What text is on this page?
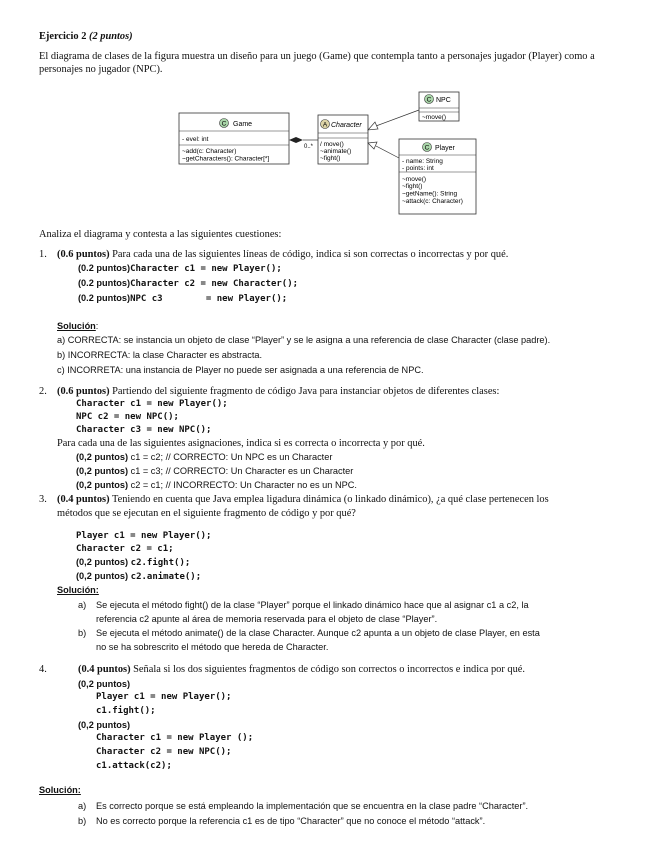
Ejercicio 2 (2 puntos)
El diagrama de clases de la figura muestra un diseño para un juego (Game) que contempla tanto a personajes jugador (Player) como a personajes no jugador (NPC).
C Game
- evel: int
~add(c: Character)
~getCharacters(): Character[*]
0..*
A Character
/ move()
~animate()
~fight()
C NPC
~move()
C Player
- name: String
- points: int
~move()
~fight()
~getName(): String
~attack(c: Character)
Analiza el diagrama y contesta a las siguientes cuestiones:
1. (0.6 puntos) Para cada una de las siguientes líneas de código, indica si son correctas o incorrectas y por qué.
(0.2 puntos)Character c1 = new Player();
(0.2 puntos)Character c2 = new Character();
(0.2 puntos)NPC c3        = new Player();
Solución:
a) CORRECTA: se instancia un objeto de clase “Player” y se le asigna a una referencia de clase Character (clase padre).
b) INCORRECTA: la clase Character es abstracta.
c) INCORRETA: una instancia de Player no puede ser asignada a una referencia de NPC.
2. (0.6 puntos) Partiendo del siguiente fragmento de código Java para instanciar objetos de diferentes clases:
Character c1 = new Player();
NPC c2 = new NPC();
Character c3 = new NPC();
Para cada una de las siguientes asignaciones, indica si es correcta o incorrecta y por qué.
(0,2 puntos) c1 = c2; // CORRECTO: Un NPC es un Character
(0,2 puntos) c1 = c3; // CORRECTO: Un Character es un Character
(0,2 puntos) c2 = c1; // INCORRECTO: Un Character no es un NPC.
3. (0.4 puntos) Teniendo en cuenta que Java emplea ligadura dinámica (o linkado dinámico), ¿a qué clase pertenecen los
métodos que se ejecutan en el siguiente fragmento de código y por qué?
Player c1 = new Player();
Character c2 = c1;
(0,2 puntos) c2.fight();
(0,2 puntos) c2.animate();
Solución:
a) Se ejecuta el método fight() de la clase “Player” porque el linkado dinámico hace que al asignar c1 a c2, la
referencia c2 apunte al área de memoria reservada para el objeto de clase “Player”.
b) Se ejecuta el método animate() de la clase Character. Aunque c2 apunta a un objeto de clase Player, en esta
no se ha sobrescrito el método que hereda de Character.
4.	(0.4 puntos) Señala si los dos siguientes fragmentos de código son correctos o incorrectos e indica por qué.
(0,2 puntos)
Player c1 = new Player();
c1.fight();
(0,2 puntos)
Character c1 = new Player ();
Character c2 = new NPC();
c1.attack(c2);
Solución:
a) Es correcto porque se está empleando la implementación que se encuentra en la clase padre “Character”.
b) No es correcto porque la referencia c1 es de tipo “Character” que no conoce el método “attack”.
